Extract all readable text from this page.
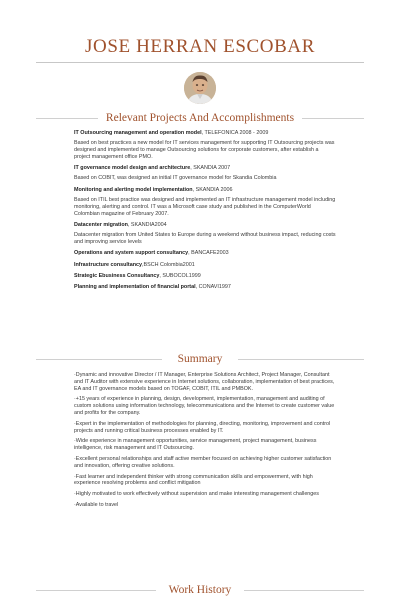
JOSE HERRAN ESCOBAR
Relevant Projects And Accomplishments
IT Outsourcing management and operation model, TELEFONICA 2008 - 2009
Based on best practices a new model for IT services management for supporting IT Outsourcing projects was designed and implemented to manage Outsourcing solutions for corporate customers, after establish a project management office PMO.
IT governance model design and architecture, SKANDIA 2007
Based on COBIT, was designed an initial IT governance model for Skandia Colombia
Monitoring and alerting model implementation, SKANDIA 2006
Based on ITIL best practice was designed and implemented an IT infrastructure management model including monitoring, alerting and control. IT was a Microsoft case study and published in the ComputerWorld Colombian magazine of February 2007.
Datacenter migration, SKANDIA2004
Datacenter migration from United States to Europe during a weekend without business impact, reducing costs and improving service levels
Operations and system support consultancy, BANCAFE2003
Infrastructure consultancy,BSCH Colombia2001
Strategic Ebusiness Consultancy, SUBOCOL1999
Planning and implementation of financial portal, CONAVI1997
Summary

·Dynamic and innovative Director / IT Manager, Enterprise Solutions Architect, Project Manager, Consultant and IT Auditor with extensive experience in Internet solutions, collaboration, implementation of best practices, EA and IT governance models based on TOGAF, COBIT, ITIL and PMBOK.

·+15 years of experience in planning, design, development, implementation, management and auditing of custom solutions using information technology, telecommunications and the Internet to create customer value and profits for the company.

·Expert in the implementation of methodologies for planning, directing, monitoring, improvement and control projects and running critical business processes enabled by IT.

·Wide experience in management opportunities, service management, project management, business intelligence, risk management and IT Outsourcing.

·Excellent personal relationships and staff active member focused on achieving higher customer satisfaction and innovation, offering creative solutions.

·Fast learner and independent thinker with strong communication skills and empowerment, with high experience resolving problems and conflict mitigation

·Highly motivated to work effectively without supervision and make interesting management challenges

·Available to travel

Work History
